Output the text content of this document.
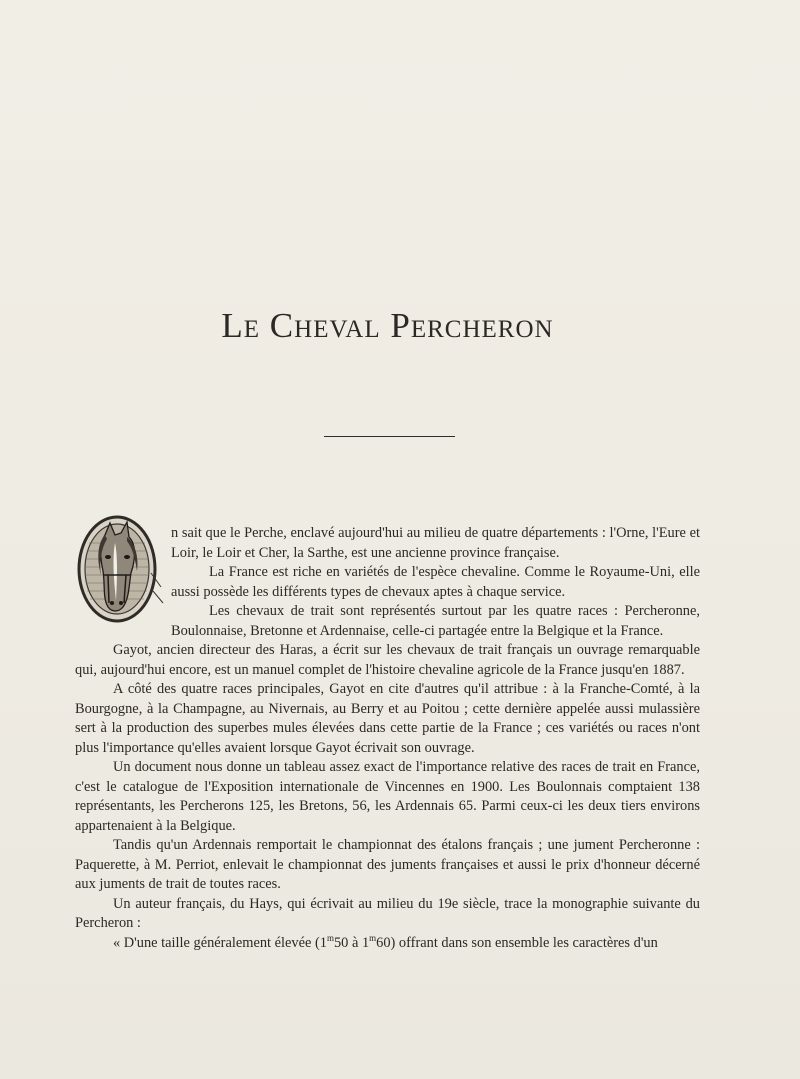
Le Cheval Percheron

n sait que le Perche, enclavé aujourd'hui au milieu de quatre départements : l'Orne, l'Eure et Loir, le Loir et Cher, la Sarthe, est une ancienne province française.

La France est riche en variétés de l'espèce chevaline. Comme le Royaume-Uni, elle aussi possède les différents types de chevaux aptes à chaque service.

Les chevaux de trait sont représentés surtout par les quatre races : Percheronne, Boulonnaise, Bretonne et Ardennaise, celle-ci partagée entre la Belgique et la France.

Gayot, ancien directeur des Haras, a écrit sur les chevaux de trait français un ouvrage remarquable qui, aujourd'hui encore, est un manuel complet de l'histoire chevaline agricole de la France jusqu'en 1887.

A côté des quatre races principales, Gayot en cite d'autres qu'il attribue : à la Franche-Comté, à la Bourgogne, à la Champagne, au Nivernais, au Berry et au Poitou ; cette dernière appelée aussi mulassière sert à la production des superbes mules élevées dans cette partie de la France ; ces variétés ou races n'ont plus l'importance qu'elles avaient lorsque Gayot écrivait son ouvrage.

Un document nous donne un tableau assez exact de l'importance relative des races de trait en France, c'est le catalogue de l'Exposition internationale de Vincennes en 1900. Les Boulonnais comptaient 138 représentants, les Percherons 125, les Bretons, 56, les Ardennais 65. Parmi ceux-ci les deux tiers environs appartenaient à la Belgique.

Tandis qu'un Ardennais remportait le championnat des étalons français ; une jument Percheronne : Paquerette, à M. Perriot, enlevait le championnat des juments françaises et aussi le prix d'honneur décerné aux juments de trait de toutes races.

Un auteur français, du Hays, qui écrivait au milieu du 19e siècle, trace la monographie suivante du Percheron :

« D'une taille généralement élevée (1$^m$50 à 1$^m$60) offrant dans son ensemble les caractères d'un
